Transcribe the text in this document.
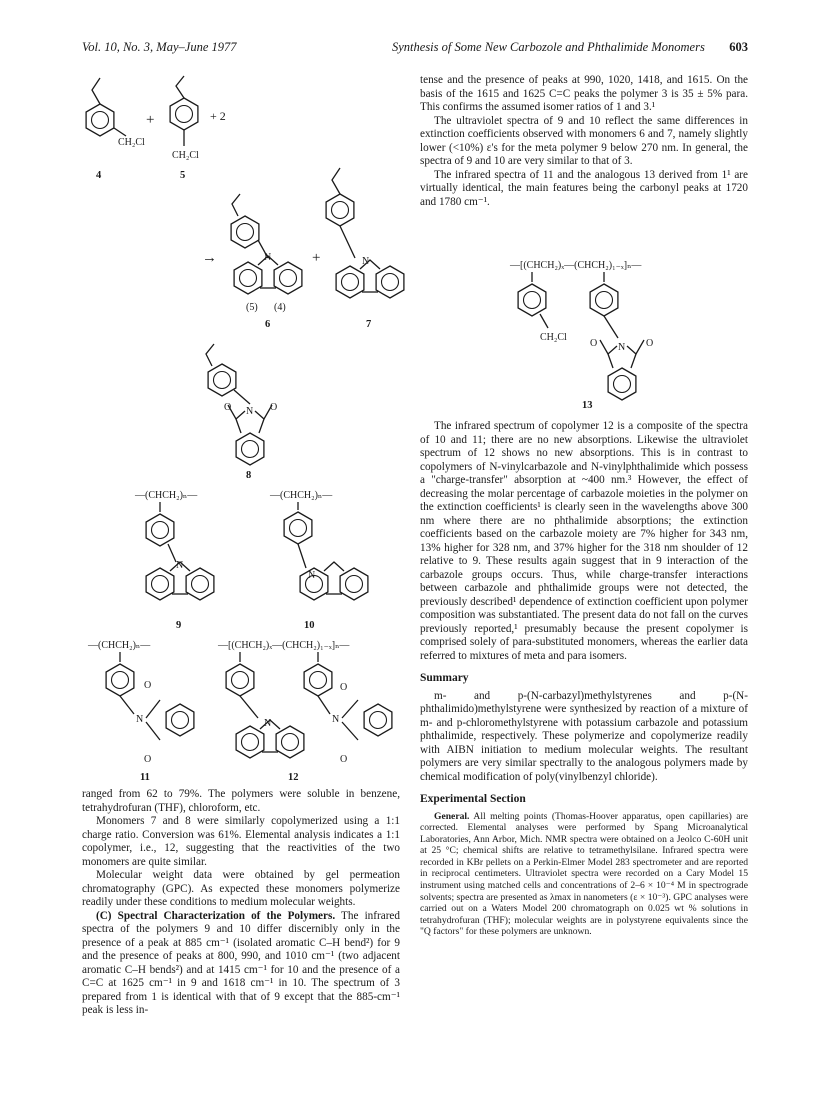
Vol. 10, No. 3, May–June 1977	Synthesis of Some New Carbozole and Phthalimide Monomers 603
CH₂Cl
4
+
CH₂Cl
5
+ 2
→	N
(5) (4)
6
+	N
7
N
O	O
8
—(CHCH₂)ₙ—
N
9
—(CHCH₂)ₙ—
N
10
—(CHCH₂)ₙ—
N
O
O
11
—[(CHCH₂)ₓ—(CHCH₂)₁₋ₓ]ₙ—
N	N
O
O
12
—[(CHCH₂)ₓ—(CHCH₂)₁₋ₓ]ₙ—
CH₂Cl
N
O	O
13

ranged from 62 to 79%. The polymers were soluble in benzene, tetrahydrofuran (THF), chloroform, etc.

Monomers 7 and 8 were similarly copolymerized using a 1:1 charge ratio. Conversion was 61%. Elemental analysis indicates a 1:1 copolymer, i.e., 12, suggesting that the reactivities of the two monomers are quite similar.

Molecular weight data were obtained by gel permeation chromatography (GPC). As expected these monomers polymerize readily under these conditions to medium molecular weights.

(C) Spectral Characterization of the Polymers. The infrared spectra of the polymers 9 and 10 differ discernibly only in the presence of a peak at 885 cm⁻¹ (isolated aromatic C–H bend²) for 9 and the presence of peaks at 800, 990, and 1010 cm⁻¹ (two adjacent aromatic C–H bends²) and at 1415 cm⁻¹ for 10 and the presence of a C=C at 1625 cm⁻¹ in 9 and 1618 cm⁻¹ in 10. The spectrum of 3 prepared from 1 is identical with that of 9 except that the 885-cm⁻¹ peak is less in-

tense and the presence of peaks at 990, 1020, 1418, and 1615. On the basis of the 1615 and 1625 C=C peaks the polymer 3 is 35 ± 5% para. This confirms the assumed isomer ratios of 1 and 3.¹

The ultraviolet spectra of 9 and 10 reflect the same differences in extinction coefficients observed with monomers 6 and 7, namely slightly lower (<10%) ε's for the meta polymer 9 below 270 nm. In general, the spectra of 9 and 10 are very similar to that of 3.

The infrared spectra of 11 and the analogous 13 derived from 1¹ are virtually identical, the main features being the carbonyl peaks at 1720 and 1780 cm⁻¹.

The infrared spectrum of copolymer 12 is a composite of the spectra of 10 and 11; there are no new absorptions. Likewise the ultraviolet spectrum of 12 shows no new absorptions. This is in contrast to copolymers of N-vinylcarbazole and N-vinylphthalimide which possess a "charge-transfer" absorption at ~400 nm.³ However, the effect of decreasing the molar percentage of carbazole moieties in the polymer on the extinction coefficients¹ is clearly seen in the wavelengths above 300 nm where there are no phthalimide absorptions; the extinction coefficients based on the carbazole moiety are 7% higher for 343 nm, 13% higher for 328 nm, and 37% higher for the 318 nm shoulder of 12 relative to 9. These results again suggest that in 9 interaction of the carbazole groups occurs. Thus, while charge-transfer interactions between carbazole and phthalimide groups were not detected, the previously described¹ dependence of extinction coefficient upon polymer composition was substantiated. The present data do not fall on the curves previously reported,¹ presumably because the present copolymer is comprised solely of para-substituted monomers, whereas the earlier data referred to mixtures of meta and para isomers.

Summary

m- and p-(N-carbazyl)methylstyrenes and p-(N-phthalimido)methylstyrene were synthesized by reaction of a mixture of m- and p-chloromethylstyrene with potassium carbazole and potassium phthalimide, respectively. These polymerize and copolymerize readily with AIBN initiation to medium molecular weights. The resultant polymers are very similar spectrally to the analogous polymers made by chemical modification of poly(vinylbenzyl chloride).

Experimental Section

General. All melting points (Thomas-Hoover apparatus, open capillaries) are corrected. Elemental analyses were performed by Spang Microanalytical Laboratories, Ann Arbor, Mich. NMR spectra were obtained on a Jeolco C-60H unit at 25 °C; chemical shifts are relative to tetramethylsilane. Infrared spectra were recorded in KBr pellets on a Perkin-Elmer Model 283 spectrometer and are reported in reciprocal centimeters. Ultraviolet spectra were recorded on a Cary Model 15 instrument using matched cells and concentrations of 2–6 × 10⁻⁴ M in spectrograde solvents; spectra are presented as λmax in nanometers (ε × 10⁻³). GPC analyses were carried out on a Waters Model 200 chromatograph on 0.025 wt % solutions in tetrahydrofuran (THF); molecular weights are in polystyrene equivalents since the "Q factors" for these polymers are unknown.
